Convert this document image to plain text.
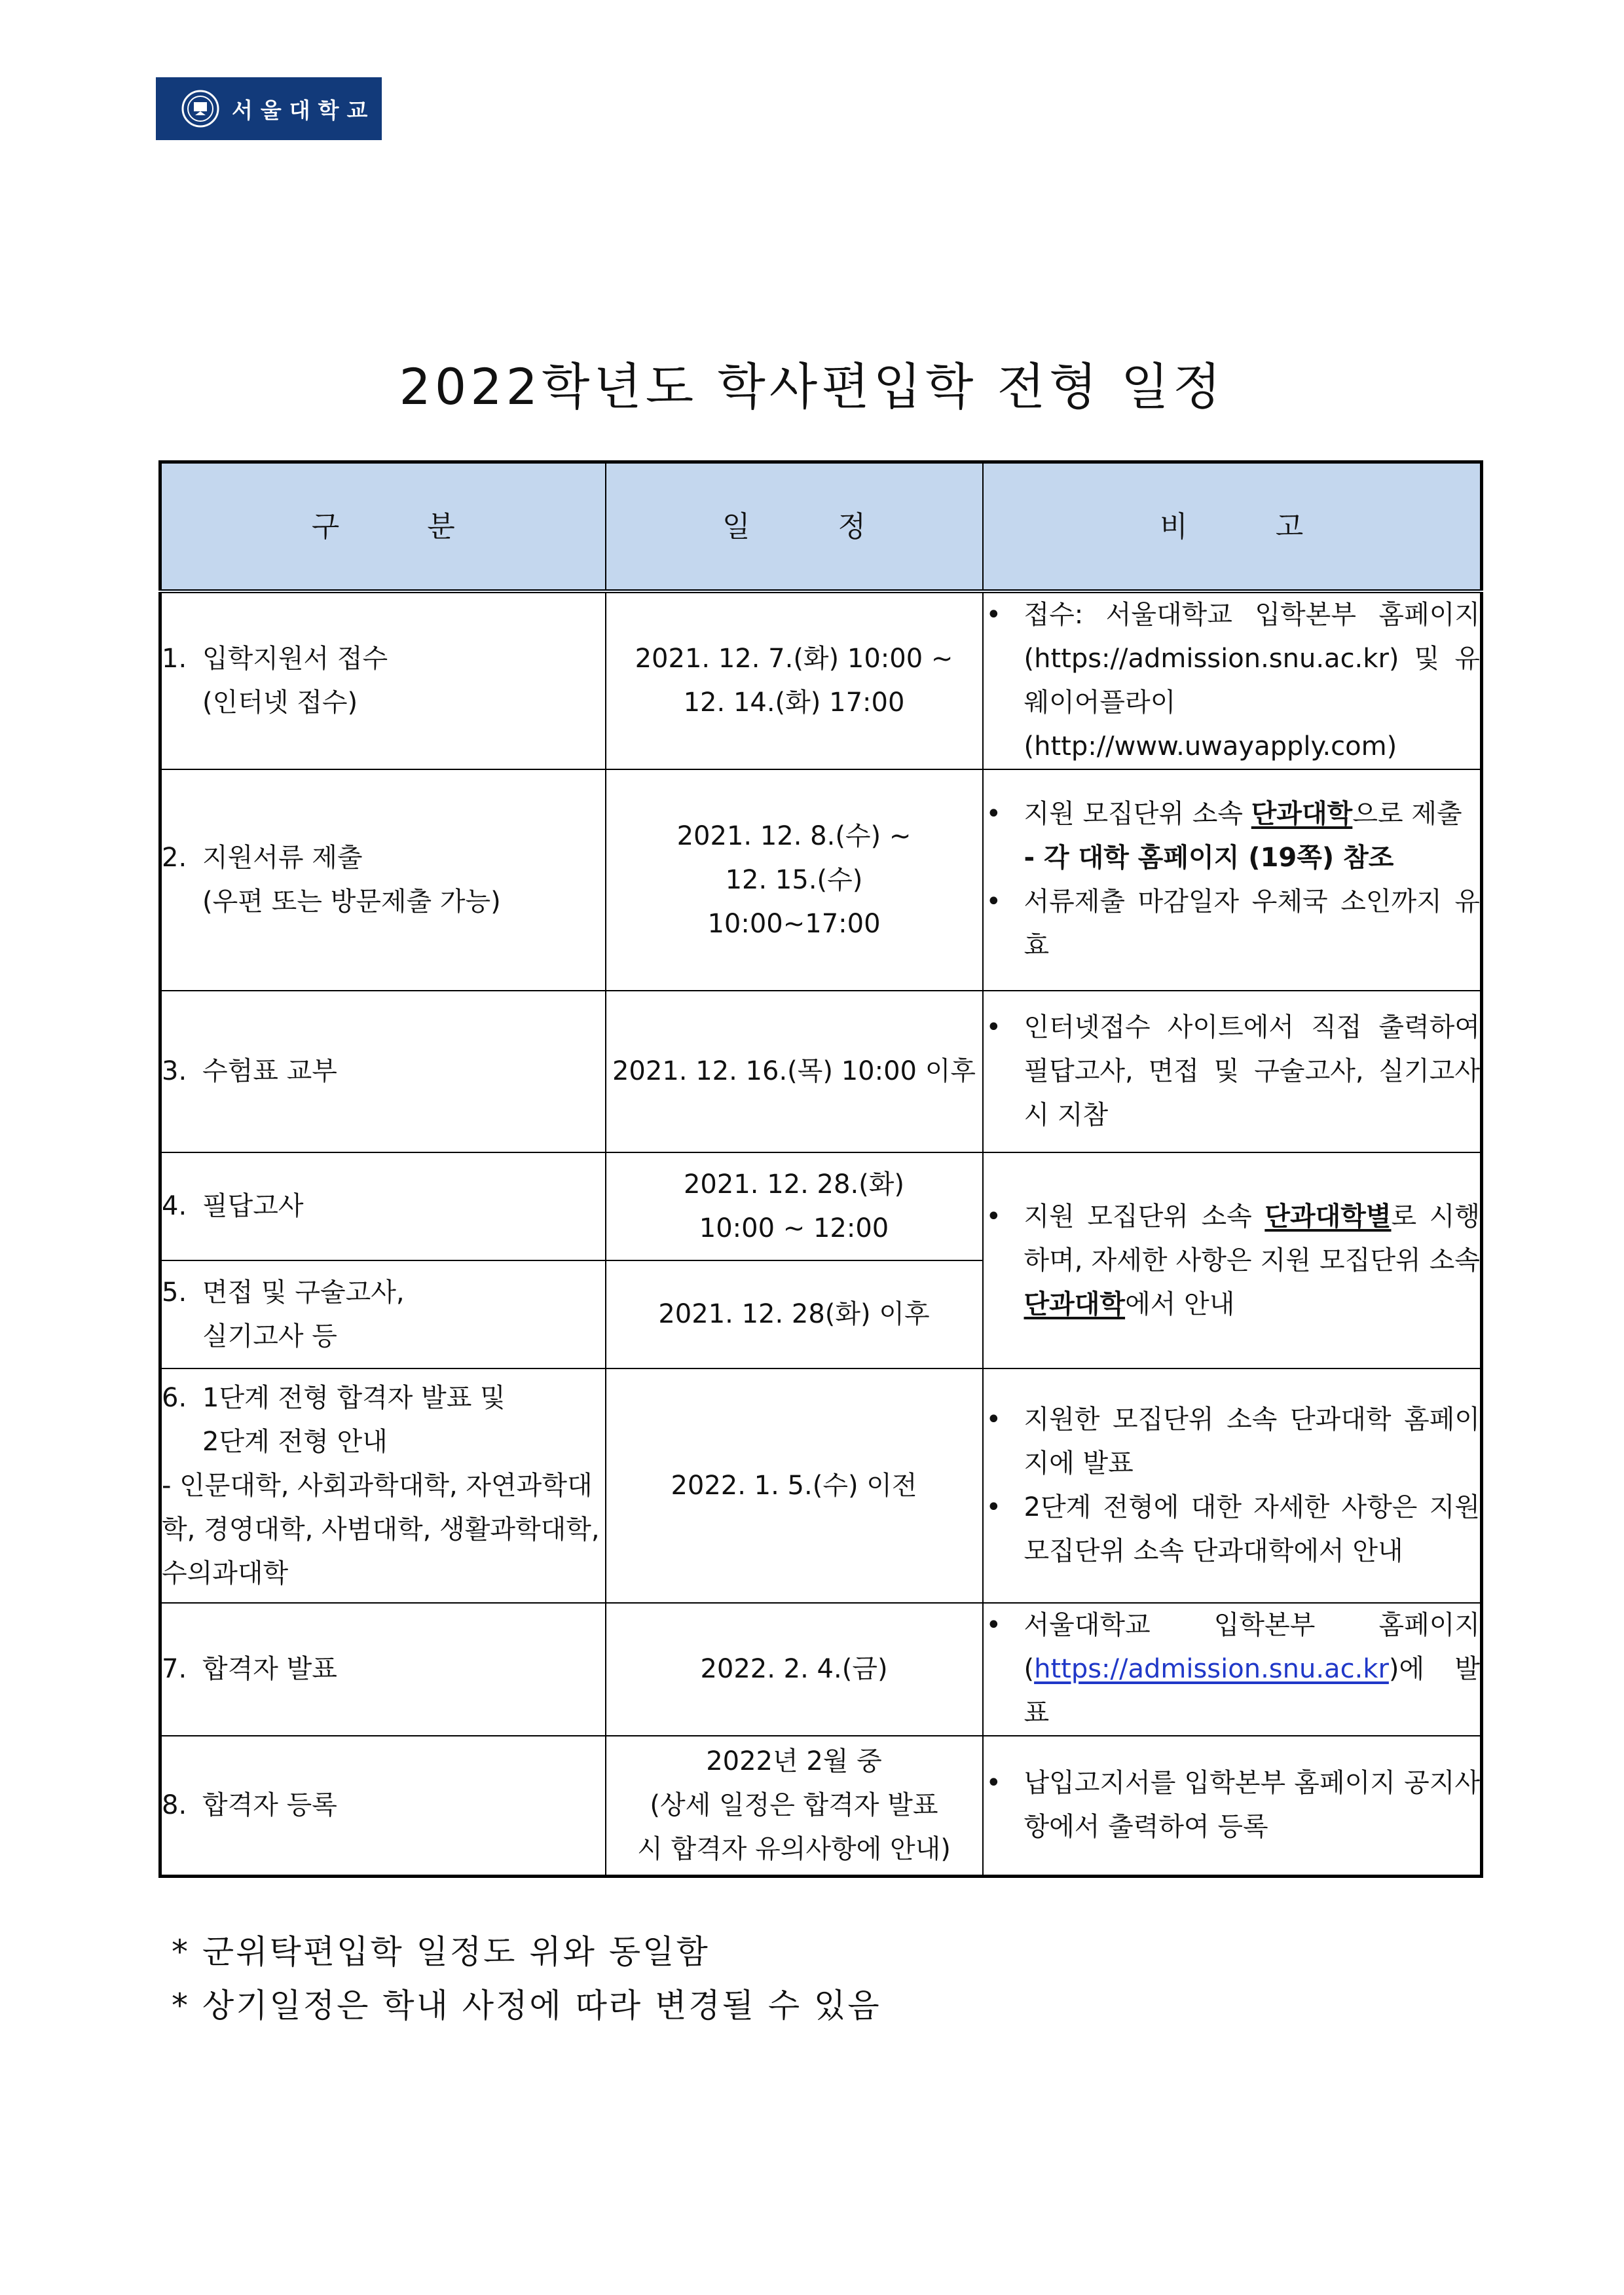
서울대학교
2022학년도 학사편입학 전형 일정
구 분	일 정	비 고

1. 입학지원서 접수
(인터넷 접수)	2021. 12. 7.(화) 10:00 ~
12. 14.(화) 17:00	• 접수: 서울대학교 입학본부 홈페이지 (https://admission.snu.ac.kr) 및 유웨이어플라이 (http://www.uwayapply.com)

2. 지원서류 제출
(우편 또는 방문제출 가능)	2021. 12. 8.(수) ~
12. 15.(수)
10:00~17:00	• 지원 모집단위 소속 단과대학으로 제출
- 각 대학 홈페이지 (19쪽) 참조
• 서류제출 마감일자 우체국 소인까지 유효

3. 수험표 교부	2021. 12. 16.(목) 10:00 이후	• 인터넷접수 사이트에서 직접 출력하여 필답고사, 면접 및 구술고사, 실기고사 시 지참

4. 필답고사	2021. 12. 28.(화)
10:00 ~ 12:00	• 지원 모집단위 소속 단과대학별로 시행하며, 자세한 사항은 지원 모집단위 소속 단과대학에서 안내

5. 면접 및 구술고사,
실기고사 등	2021. 12. 28(화) 이후	

6. 1단계 전형 합격자 발표 및
2단계 전형 안내
- 인문대학, 사회과학대학, 자연과학대학, 경영대학, 사범대학, 생활과학대학, 수의과대학	2022. 1. 5.(수) 이전	• 지원한 모집단위 소속 단과대학 홈페이지에 발표
• 2단계 전형에 대한 자세한 사항은 지원 모집단위 소속 단과대학에서 안내

7. 합격자 발표	2022. 2. 4.(금)	• 서울대학교 입학본부 홈페이지 (https://admission.snu.ac.kr)에 발표

8. 합격자 등록	2022년 2월 중
(상세 일정은 합격자 발표
시 합격자 유의사항에 안내)	• 납입고지서를 입학본부 홈페이지 공지사항에서 출력하여 등록
* 군위탁편입학 일정도 위와 동일함
* 상기일정은 학내 사정에 따라 변경될 수 있음
